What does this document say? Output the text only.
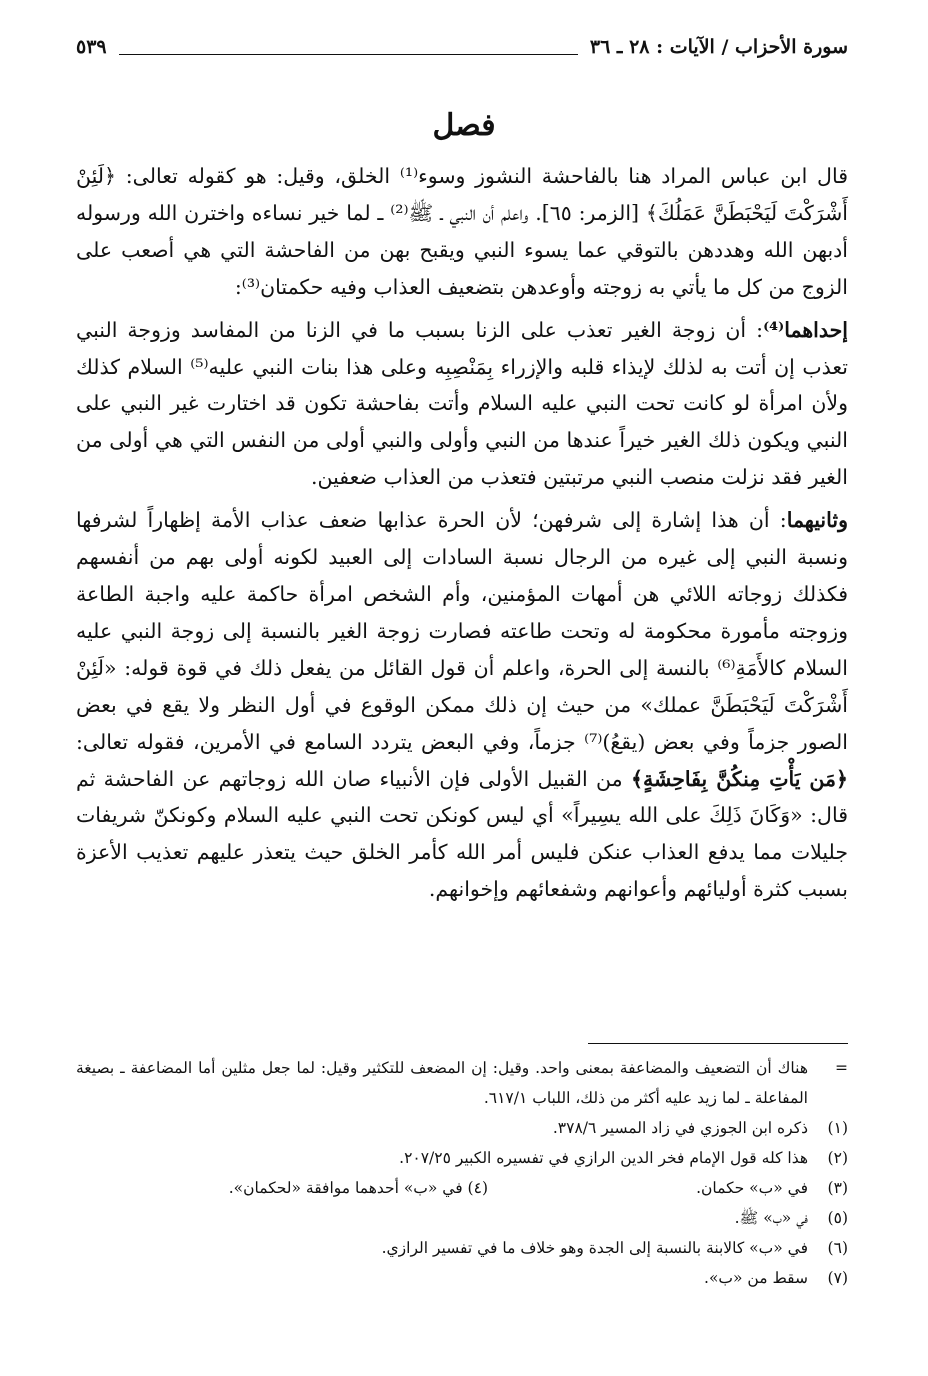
سورة الأحزاب / الآيات : ٢٨ ـ ٣٦
٥٣٩
فصل

قال ابن عباس المراد هنا بالفاحشة النشوز وسوء⁽¹⁾ الخلق، وقيل: هو كقوله تعالى: ﴿لَئِنْ أَشْرَكْتَ لَيَحْبَطَنَّ عَمَلُكَ﴾ [الزمر: ٦٥]. واعلم أن النبي ـ ﷺ⁽²⁾ ـ لما خير نساءه واخترن الله ورسوله أدبهن الله وهددهن بالتوقي عما يسوء النبي ويقبح بهن من الفاحشة التي هي أصعب على الزوج من كل ما يأتي به زوجته وأوعدهن بتضعيف العذاب وفيه حكمتان⁽³⁾:

إحداهما⁽⁴⁾: أن زوجة الغير تعذب على الزنا بسبب ما في الزنا من المفاسد وزوجة النبي تعذب إن أتت به لذلك لإيذاء قلبه والإزراء بِمَنْصِبِه وعلى هذا بنات النبي عليه⁽⁵⁾ السلام كذلك ولأن امرأة لو كانت تحت النبي عليه السلام وأتت بفاحشة تكون قد اختارت غير النبي على النبي ويكون ذلك الغير خيراً عندها من النبي وأولى والنبي أولى من النفس التي هي أولى من الغير فقد نزلت منصب النبي مرتبتين فتعذب من العذاب ضعفين.

وثانيهما: أن هذا إشارة إلى شرفهن؛ لأن الحرة عذابها ضعف عذاب الأمة إظهاراً لشرفها ونسبة النبي إلى غيره من الرجال نسبة السادات إلى العبيد لكونه أولى بهم من أنفسهم فكذلك زوجاته اللائي هن أمهات المؤمنين، وأم الشخص امرأة حاكمة عليه واجبة الطاعة وزوجته مأمورة محكومة له وتحت طاعته فصارت زوجة الغير بالنسبة إلى زوجة النبي عليه السلام كالأَمَةِ⁽⁶⁾ بالنسة إلى الحرة، واعلم أن قول القائل من يفعل ذلك في قوة قوله: «لَئِنْ أَشْرَكْتَ لَيَحْبَطَنَّ عملك» من حيث إن ذلك ممكن الوقوع في أول النظر ولا يقع في بعض الصور جزماً وفي بعض (يقعُ)⁽⁷⁾ جزماً، وفي البعض يتردد السامع في الأمرين، فقوله تعالى: ﴿مَن يَأْتِ مِنكُنَّ بِفَاحِشَةٍ﴾ من القبيل الأولى فإن الأنبياء صان الله زوجاتهم عن الفاحشة ثم قال: «وَكَانَ ذَلِكَ على الله يسِيراً» أي ليس كونكن تحت النبي عليه السلام وكونكنّ شريفات جليلات مما يدفع العذاب عنكن فليس أمر الله كأمر الخلق حيث يتعذر عليهم تعذيب الأعزة بسبب كثرة أوليائهم وأعوانهم وشفعائهم وإخوانهم.

=
هناك أن التضعيف والمضاعفة بمعنى واحد. وقيل: إن المضعف للتكثير وقيل: لما جعل مثلين أما المضاعفة ـ بصيغة المفاعلة ـ لما زيد عليه أكثر من ذلك، اللباب ٦١٧/١.

(١)
ذكره ابن الجوزي في زاد المسير ٣٧٨/٦.

(٢)
هذا كله قول الإمام فخر الدين الرازي في تفسيره الكبير ٢٠٧/٢٥.

(٣)
في «ب» حكمان.
(٤) في «ب» أحدهما موافقة «لحكمان».

(٥)
في «ب» ﷺ.

(٦)
في «ب» كالابنة بالنسبة إلى الجدة وهو خلاف ما في تفسير الرازي.

(٧)
سقط من «ب».
